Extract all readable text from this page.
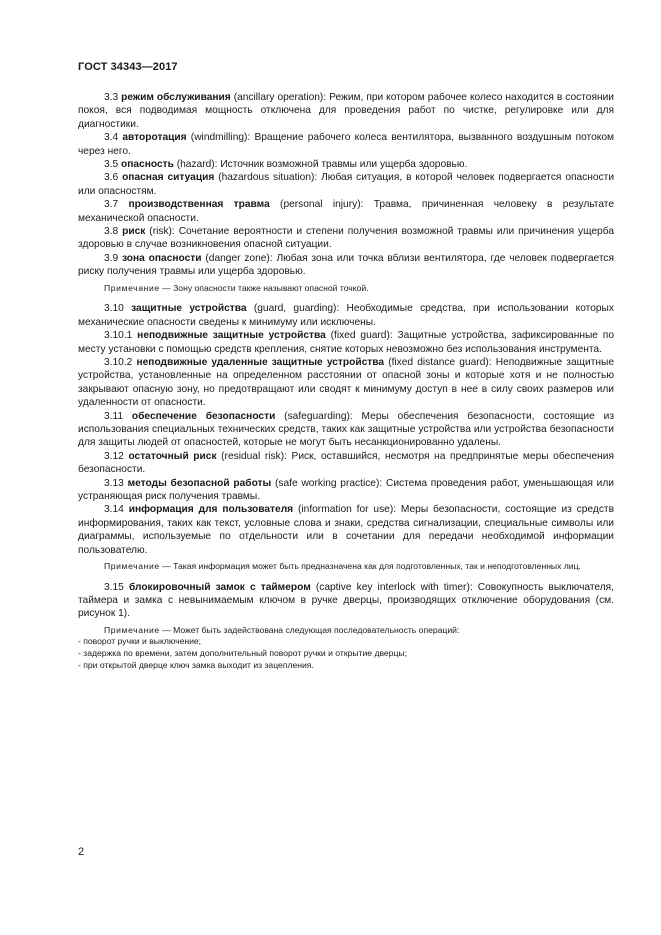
ГОСТ 34343—2017

3.3 режим обслуживания (ancillary operation): Режим, при котором рабочее колесо находится в состоянии покоя, вся подводимая мощность отключена для проведения работ по чистке, регулировке или для диагностики.

3.4 авторотация (windmilling): Вращение рабочего колеса вентилятора, вызванного воздушным потоком через него.

3.5 опасность (hazard): Источник возможной травмы или ущерба здоровью.

3.6 опасная ситуация (hazardous situation): Любая ситуация, в которой человек подвергается опасности или опасностям.

3.7 производственная травма (personal injury): Травма, причиненная человеку в результате механической опасности.

3.8 риск (risk): Сочетание вероятности и степени получения возможной травмы или причинения ущерба здоровью в случае возникновения опасной ситуации.

3.9 зона опасности (danger zone): Любая зона или точка вблизи вентилятора, где человек подвергается риску получения травмы или ущерба здоровью.

Примечание — Зону опасности также называют опасной точкой.

3.10 защитные устройства (guard, guarding): Необходимые средства, при использовании которых механические опасности сведены к минимуму или исключены.

3.10.1 неподвижные защитные устройства (fixed guard): Защитные устройства, зафиксированные по месту установки с помощью средств крепления, снятие которых невозможно без использования инструмента.

3.10.2 неподвижные удаленные защитные устройства (fixed distance guard): Неподвижные защитные устройства, установленные на определенном расстоянии от опасной зоны и которые хотя и не полностью закрывают опасную зону, но предотвращают или сводят к минимуму доступ в нее в силу своих размеров или удаленности от опасности.

3.11 обеспечение безопасности (safeguarding): Меры обеспечения безопасности, состоящие из использования специальных технических средств, таких как защитные устройства или устройства безопасности для защиты людей от опасностей, которые не могут быть несанкционированно удалены.

3.12 остаточный риск (residual risk): Риск, оставшийся, несмотря на предпринятые меры обеспечения безопасности.

3.13 методы безопасной работы (safe working practice): Система проведения работ, уменьшающая или устраняющая риск получения травмы.

3.14 информация для пользователя (information for use): Меры безопасности, состоящие из средств информирования, таких как текст, условные слова и знаки, средства сигнализации, специальные символы или диаграммы, используемые по отдельности или в сочетании для передачи необходимой информации пользователю.

Примечание — Такая информация может быть предназначена как для подготовленных, так и неподготовленных лиц.

3.15 блокировочный замок с таймером (captive key interlock with timer): Совокупность выключателя, таймера и замка с невынимаемым ключом в ручке дверцы, производящих отключение оборудования (см. рисунок 1).

Примечание — Может быть задействована следующая последовательность операций:

- поворот ручки и выключение;

- задержка по времени, затем дополнительный поворот ручки и открытие дверцы;

- при открытой дверце ключ замка выходит из зацепления.

2
